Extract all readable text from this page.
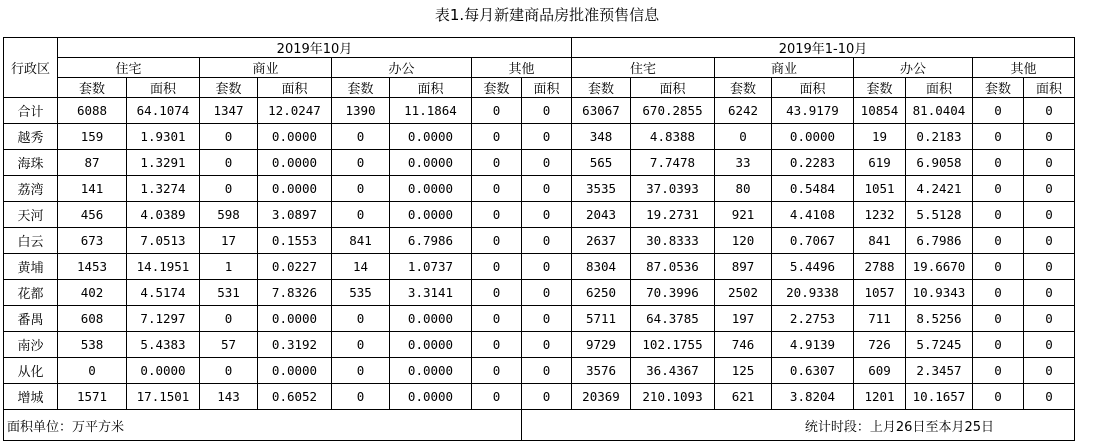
表1.每月新建商品房批准预售信息
行政区	2019年10月								2019年1-10月							
	住宅		商业		办公		其他		住宅		商业		办公		其他	
	套数	面积	套数	面积	套数	面积	套数	面积	套数	面积	套数	面积	套数	面积	套数	面积
合计	6088	64.1074	1347	12.0247	1390	11.1864	0	0	63067	670.2855	6242	43.9179	10854	81.0404	0	0
越秀	159	1.9301	0	0.0000	0	0.0000	0	0	348	4.8388	0	0.0000	19	0.2183	0	0
海珠	87	1.3291	0	0.0000	0	0.0000	0	0	565	7.7478	33	0.2283	619	6.9058	0	0
荔湾	141	1.3274	0	0.0000	0	0.0000	0	0	3535	37.0393	80	0.5484	1051	4.2421	0	0
天河	456	4.0389	598	3.0897	0	0.0000	0	0	2043	19.2731	921	4.4108	1232	5.5128	0	0
白云	673	7.0513	17	0.1553	841	6.7986	0	0	2637	30.8333	120	0.7067	841	6.7986	0	0
黄埔	1453	14.1951	1	0.0227	14	1.0737	0	0	8304	87.0536	897	5.4496	2788	19.6670	0	0
花都	402	4.5174	531	7.8326	535	3.3141	0	0	6250	70.3996	2502	20.9338	1057	10.9343	0	0
番禺	608	7.1297	0	0.0000	0	0.0000	0	0	5711	64.3785	197	2.2753	711	8.5256	0	0
南沙	538	5.4383	57	0.3192	0	0.0000	0	0	9729	102.1755	746	4.9139	726	5.7245	0	0
从化	0	0.0000	0	0.0000	0	0.0000	0	0	3576	36.4367	125	0.6307	609	2.3457	0	0
增城	1571	17.1501	143	0.6052	0	0.0000	0	0	20369	210.1093	621	3.8204	1201	10.1657	0	0
面积单位：万平方米								统计时段：上月26日至本月25日								
